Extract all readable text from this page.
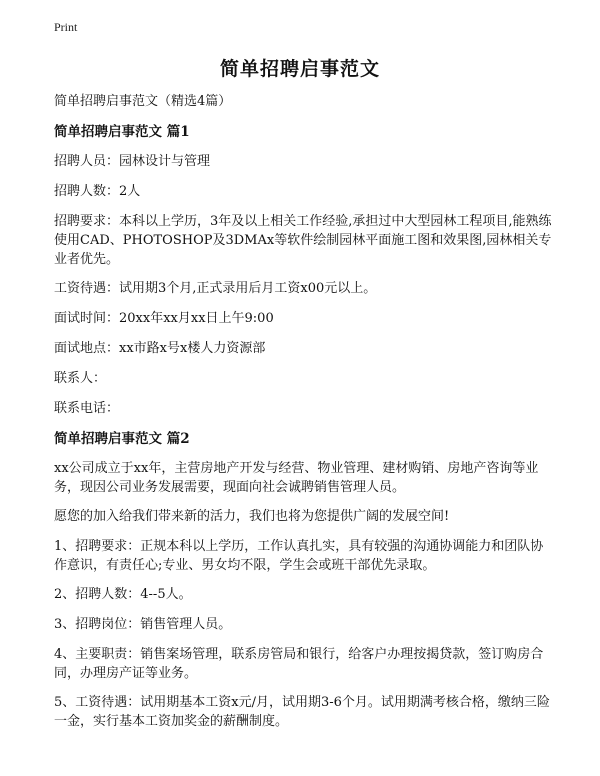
Print
简单招聘启事范文

简单招聘启事范文（精选4篇）

简单招聘启事范文 篇1

招聘人员：园林设计与管理

招聘人数：2人

招聘要求：本科以上学历，3年及以上相关工作经验,承担过中大型园林工程项目,能熟练使用CAD、PHOTOSHOP及3DMAx等软件绘制园林平面施工图和效果图,园林相关专业者优先。

工资待遇：试用期3个月,正式录用后月工资x00元以上。

面试时间：20xx年xx月xx日上午9:00

面试地点：xx市路x号x楼人力资源部

联系人：

联系电话：

简单招聘启事范文 篇2

xx公司成立于xx年，主营房地产开发与经营、物业管理、建材购销、房地产咨询等业务，现因公司业务发展需要，现面向社会诚聘销售管理人员。

愿您的加入给我们带来新的活力，我们也将为您提供广阔的发展空间!

1、招聘要求：正规本科以上学历，工作认真扎实，具有较强的沟通协调能力和团队协作意识，有责任心;专业、男女均不限，学生会或班干部优先录取。

2、招聘人数：4--5人。

3、招聘岗位：销售管理人员。

4、主要职责：销售案场管理，联系房管局和银行，给客户办理按揭贷款，签订购房合同，办理房产证等业务。

5、工资待遇：试用期基本工资x元/月，试用期3-6个月。试用期满考核合格，缴纳三险一金，实行基本工资加奖金的薪酬制度。
